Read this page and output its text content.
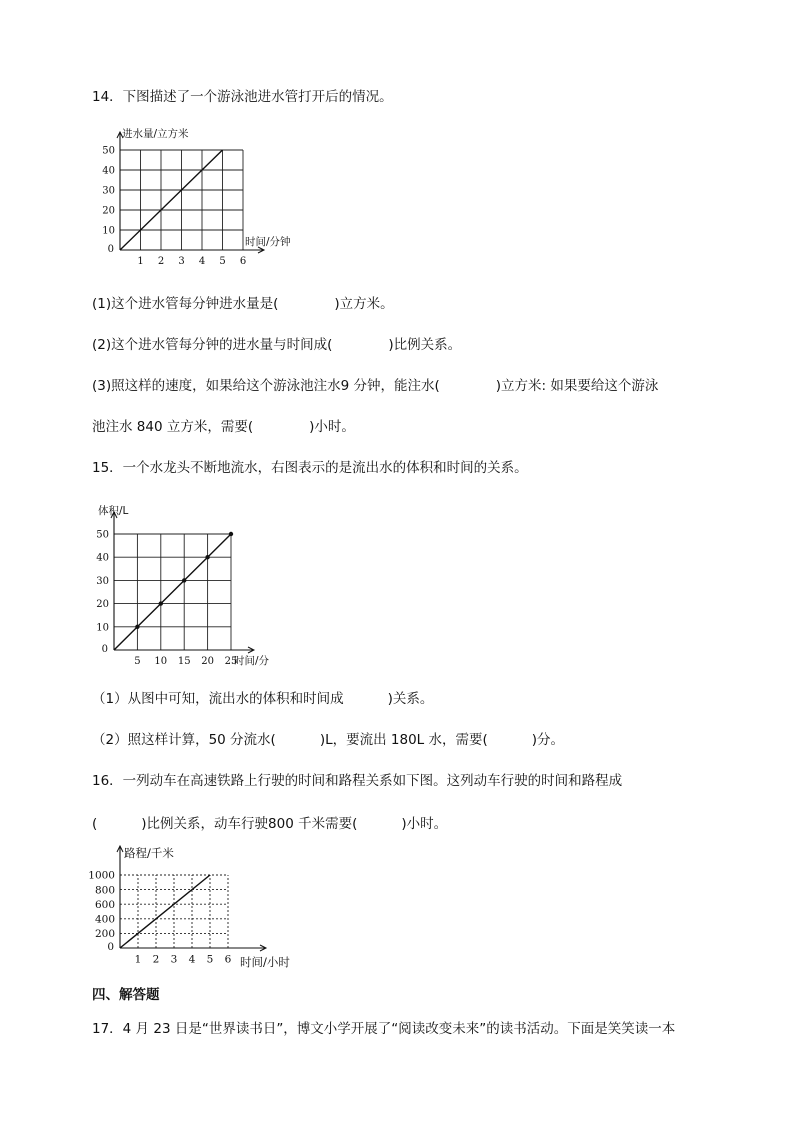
14．下图描述了一个游泳池进水管打开后的情况。
1 2 3 4 5 6
0
10
20
30
40
50
进水量/立方米
时间/分钟
(1)这个进水管每分钟进水量是(	)立方米。
(2)这个进水管每分钟的进水量与时间成(	)比例关系。
(3)照这样的速度，如果给这个游泳池注水9 分钟，能注水(	)立方米: 如果要给这个游泳
池注水 840 立方米，需要(	)小时。
15．一个水龙头不断地流水，右图表示的是流出水的体积和时间的关系。
5 10 15 20 25
0
10
20
30
40
50
体积/L
时间/分
（1）从图中可知，流出水的体积和时间成	)关系。
（2）照这样计算，50 分流水(	)L，要流出 180L 水，需要(	)分。
16．一列动车在高速铁路上行驶的时间和路程关系如下图。这列动车行驶的时间和路程成
(	)比例关系，动车行驶800 千米需要(	)小时。
1 2 3 4 5 6
0
200
400
600
800
1000
路程/千米
时间/小时
四、解答题
17．4 月 23 日是“世界读书日”，博文小学开展了“阅读改变未来”的读书活动。下面是笑笑读一本
